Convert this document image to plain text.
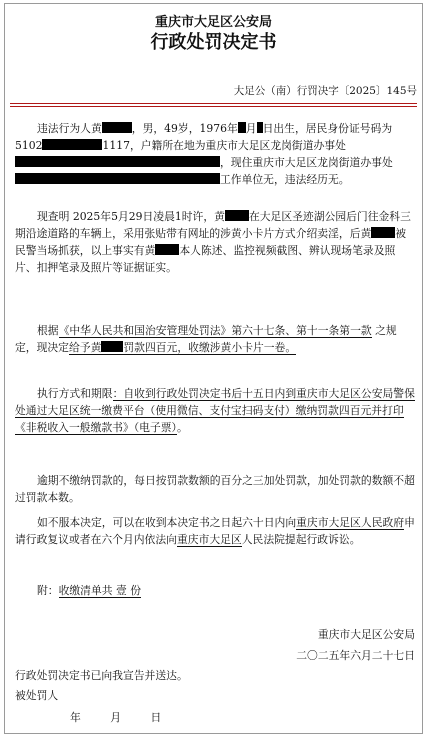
重庆市大足区公安局
行政处罚决定书
大足公（南）行罚决字〔2025〕145号
违法行为人黄	，男，49岁，1976年 月 日出生，居民身份证号码为5102	1117，户籍所在地为重庆市大足区龙岗街道办事处，现住重庆市大足区龙岗街道办事处工作单位无，违法经历无。
现查明 2025年5月29日凌晨1时许，黄 在大足区圣迹湖公园后门往金科三期沿途道路的车辆上，采用张贴带有网址的涉黄小卡片方式介绍卖淫，后黄 被民警当场抓获，以上事实有黄 本人陈述、监控视频截图、辨认现场笔录及照片、扣押笔录及照片等证据证实。
根据《中华人民共和国治安管理处罚法》第六十七条、第十一条第一款 之规定，现决定给予黄 罚款四百元，收缴涉黄小卡片一卷。
执行方式和期限：自收到行政处罚决定书后十五日内到重庆市大足区公安局警保处通过大足区统一缴费平台（使用微信、支付宝扫码支付）缴纳罚款四百元并打印《非税收入一般缴款书》（电子票）。
逾期不缴纳罚款的，每日按罚款数额的百分之三加处罚款，加处罚款的数额不超过罚款本数。
如不服本决定，可以在收到本决定书之日起六十日内向重庆市大足区人民政府申请行政复议或者在六个月内依法向重庆市大足区人民法院提起行政诉讼。
附：收缴清单共 壹 份
重庆市大足区公安局
二〇二五年六月二十七日
行政处罚决定书已向我宣告并送达。
被处罚人
年 月 日
